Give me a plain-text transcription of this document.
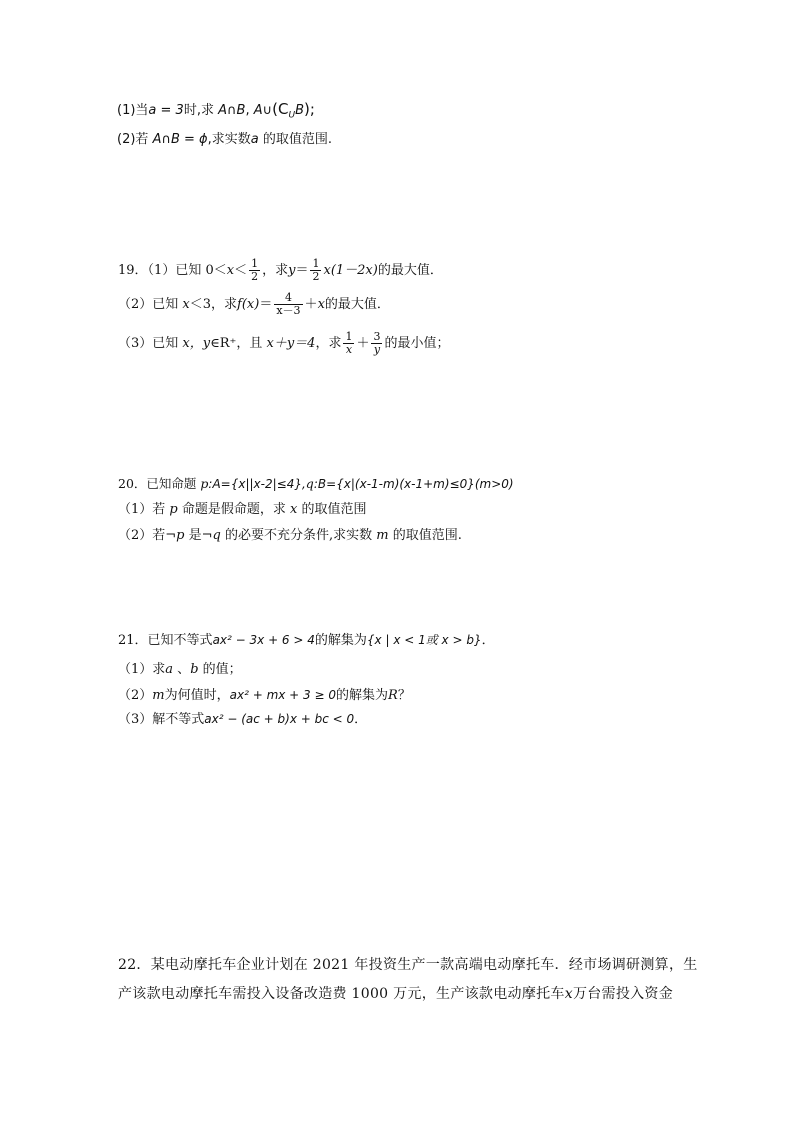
(1)当a = 3时,求 A∩B, $A\cup(C_UB)$;
(2)若 A∩B = ϕ,求实数a 的取值范围.
19．（1）已知 $0<x< \frac{1}{2}$ ，求$y= \frac{1}{2} x(1-2x)$的最大值．
（2）已知 x＜3，求$f(x)= \frac{4}{x-3} +x$的最大值．
（3）已知 x，y∈R⁺，且 x＋y＝4，求 $\frac{1}{x} + \frac{3}{y}$ 的最小值；
20．已知命题 p:A={x||x-2|≤4},q:B={x|(x-1-m)(x-1+m)≤0}(m>0)
（1）若 p 命题是假命题，求 x 的取值范围
（2）若¬p 是¬q 的必要不充分条件,求实数 m 的取值范围.
21．已知不等式ax² − 3x + 6 > 4的解集为{x | x < 1或 x > b}．
（1）求a 、b 的值；
（2）m为何值时，ax² + mx + 3 ≥ 0的解集为R？
（3）解不等式ax² − (ac + b)x + bc < 0．
22．某电动摩托车企业计划在 2021 年投资生产一款高端电动摩托车．经市场调研测算，生
产该款电动摩托车需投入设备改造费 1000 万元，生产该款电动摩托车x万台需投入资金
